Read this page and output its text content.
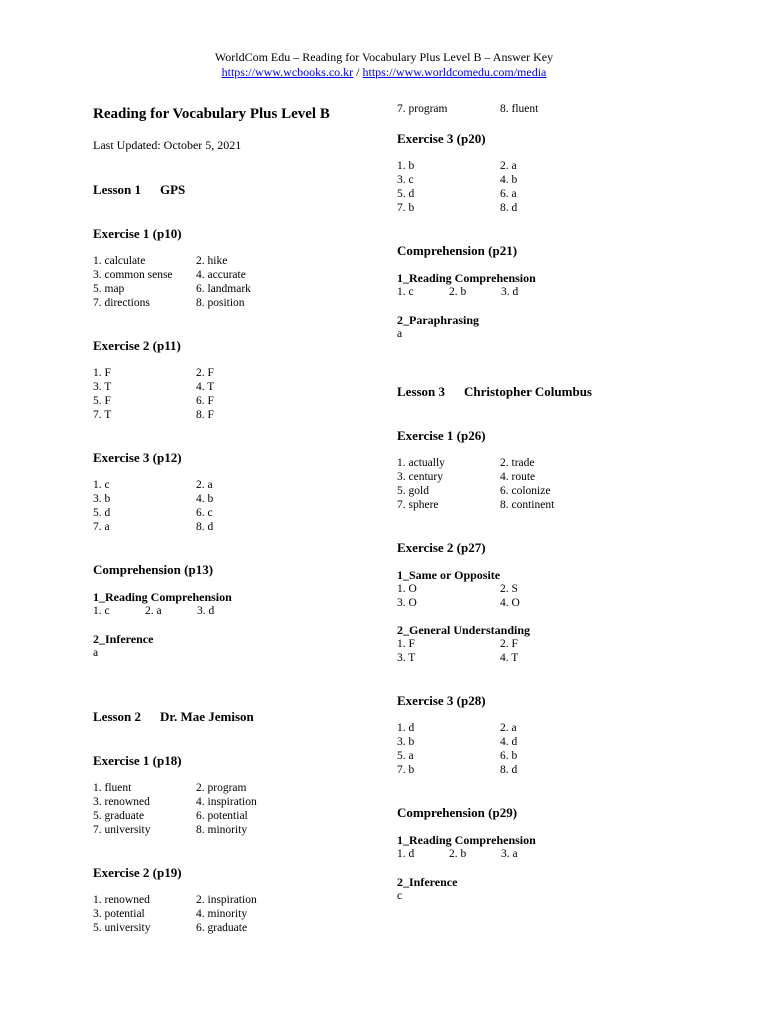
WorldCom Edu – Reading for Vocabulary Plus Level B – Answer Key
https://www.wcbooks.co.kr / https://www.worldcomedu.com/media
Reading for Vocabulary Plus Level B
Last Updated: October 5, 2021
Lesson 1 GPS
Exercise 1 (p10)
1. calculate	2. hike
3. common sense	4. accurate
5. map	6. landmark
7. directions	8. position
Exercise 2 (p11)
1. F	2. F
3. T	4. T
5. F	6. F
7. T	8. F
Exercise 3 (p12)
1. c	2. a
3. b	4. b
5. d	6. c
7. a	8. d
Comprehension (p13)
1_Reading Comprehension
1. c	2. a	3. d
2_Inference
a
Lesson 2 Dr. Mae Jemison
Exercise 1 (p18)
1. fluent	2. program
3. renowned	4. inspiration
5. graduate	6. potential
7. university	8. minority
Exercise 2 (p19)
1. renowned	2. inspiration
3. potential	4. minority
5. university	6. graduate
7. program	8. fluent
Exercise 3 (p20)
1. b	2. a
3. c	4. b
5. d	6. a
7. b	8. d
Comprehension (p21)
1_Reading Comprehension
1. c	2. b	3. d
2_Paraphrasing
a
Lesson 3 Christopher Columbus
Exercise 1 (p26)
1. actually	2. trade
3. century	4. route
5. gold	6. colonize
7. sphere	8. continent
Exercise 2 (p27)
1_Same or Opposite
1. O	2. S
3. O	4. O
2_General Understanding
1. F	2. F
3. T	4. T
Exercise 3 (p28)
1. d	2. a
3. b	4. d
5. a	6. b
7. b	8. d
Comprehension (p29)
1_Reading Comprehension
1. d	2. b	3. a
2_Inference
c
